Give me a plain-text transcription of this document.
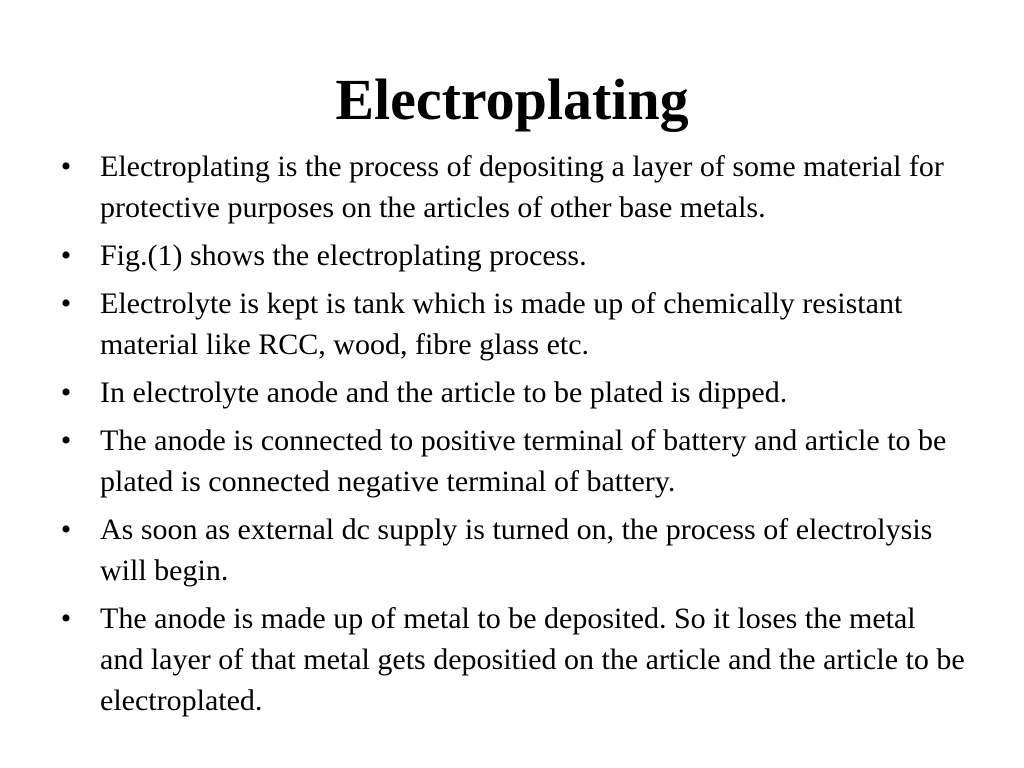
Electroplating
• Electroplating is the process of depositing a layer of some material for protective purposes on the articles of other base metals.
• Fig.(1) shows the electroplating process.
• Electrolyte is kept is tank which is made up of chemically resistant material like RCC, wood, fibre glass etc.
• In electrolyte anode and the article to be plated is dipped.
• The anode is connected to positive terminal of battery and article to be plated is connected negative terminal of battery.
• As soon as external dc supply is turned on, the process of electrolysis will begin.
• The anode is made up of metal to be deposited. So it loses the metal and layer of that metal gets depositied on the article and the article to be electroplated.
